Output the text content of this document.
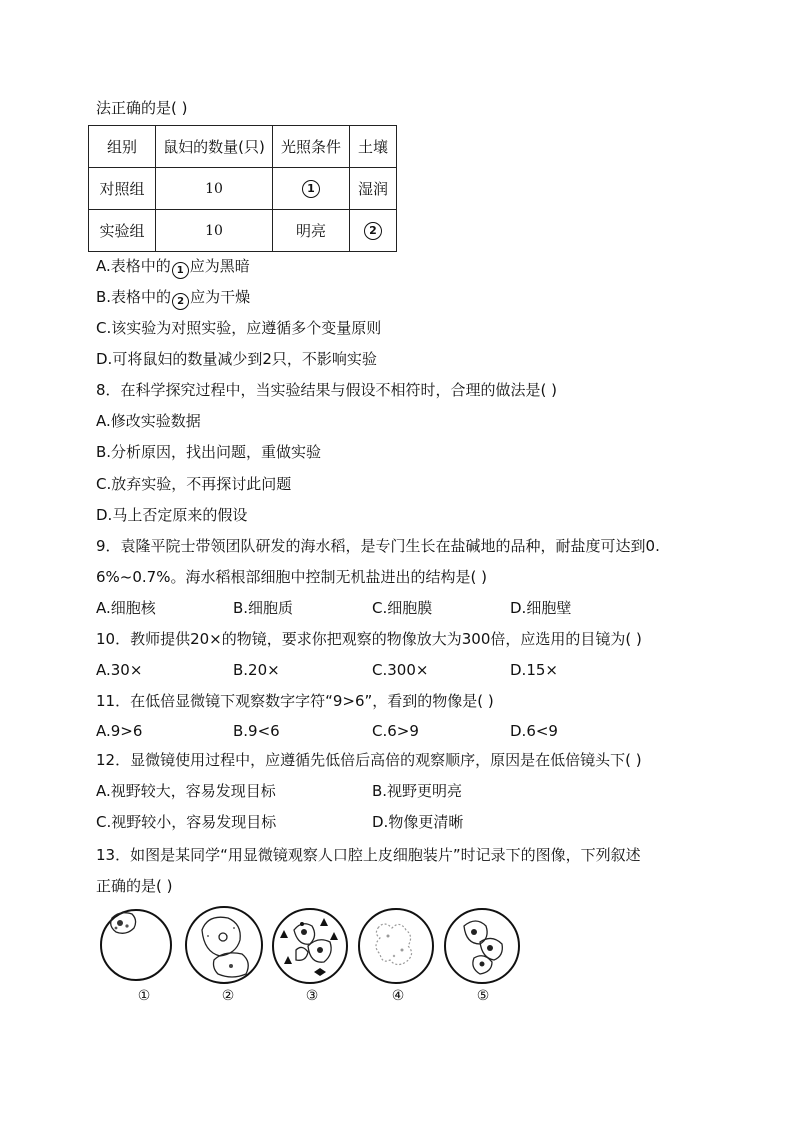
法正确的是( )
组别	鼠妇的数量(只)	光照条件	土壤
对照组	10	1	湿润
实验组	10	明亮	2
A.表格中的 1 应为黑暗
B.表格中的 2 应为干燥
C.该实验为对照实验，应遵循多个变量原则
D.可将鼠妇的数量减少到2只，不影响实验
8．在科学探究过程中，当实验结果与假设不相符时，合理的做法是( )
A.修改实验数据
B.分析原因，找出问题，重做实验
C.放弃实验，不再探讨此问题
D.马上否定原来的假设
9．袁隆平院士带领团队研发的海水稻，是专门生长在盐碱地的品种，耐盐度可达到0.
6%~0.7%。海水稻根部细胞中控制无机盐进出的结构是( )
A.细胞核	B.细胞质	C.细胞膜	D.细胞壁
10．教师提供20×的物镜，要求你把观察的物像放大为300倍，应选用的目镜为( )
A.30×	B.20×	C.300×	D.15×
11．在低倍显微镜下观察数字字符“9>6”，看到的物像是( )
A.9>6	B.9<6	C.6>9	D.6<9
12．显微镜使用过程中，应遵循先低倍后高倍的观察顺序，原因是在低倍镜头下( )
A.视野较大，容易发现目标	B.视野更明亮
C.视野较小，容易发现目标	D.物像更清晰
13．如图是某同学“用显微镜观察人口腔上皮细胞装片”时记录下的图像，下列叙述
正确的是( )
①	②	③	④	⑤
